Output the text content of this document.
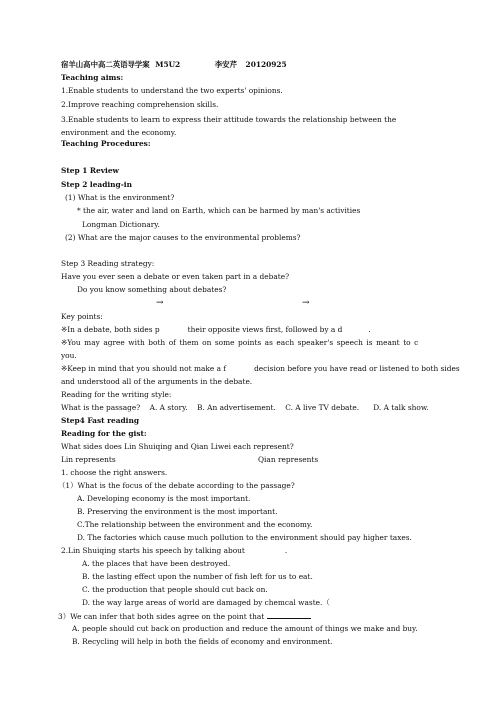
宿羊山高中高二英语导学案 M5U2	李安芹 20120925
Teaching aims:
1.Enable students to understand the two experts' opinions.
2.Improve reaching comprehension skills.
3.Enable students to learn to express their attitude towards the relationship between the environment and the economy.
Teaching Procedures:
Step 1 Review
Step 2 leading-in
(1) What is the environment?
* the air, water and land on Earth, which can be harmed by man's activities
Longman Dictionary.
(2) What are the major causes to the environmental problems?
Step 3 Reading strategy:
Have you ever seen a debate or even taken part in a debate?
Do you know something about debates?
→	→
Key points:
※In a debate, both sides p	their opposite views first, followed by a d	.
※You may agree with both of them on some points as each speaker's speech is meant to c
you.
※Keep in mind that you should not make a f	decision before you have read or listened to both sides
and understood all of the arguments in the debate.
Reading for the writing style:
What is the passage?    A. A story.    B. An advertisement.    C. A live TV debate.      D. A talk show.
Step4 Fast reading
Reading for the gist:
What sides does Lin Shuiqing and Qian Liwei each represent?
Lin represents	Qian represents
1. choose the right answers.
（1）What is the focus of the debate according to the passage?
A. Developing economy is the most important.
B. Preserving the environment is the most important.
C.The relationship between the environment and the economy.
D. The factories which cause much pollution to the environment should pay higher taxes.
2.Lin Shuiqing starts his speech by talking about	.
A. the places that have been destroyed.
B. the lasting effect upon the number of fish left for us to eat.
C. the production that people should cut back on.
D. the way large areas of world are damaged by chemcal waste.（
3）We can infer that both sides agree on the point that
A. people should cut back on production and reduce the amount of things we make and buy.
B. Recycling will help in both the fields of economy and environment.
